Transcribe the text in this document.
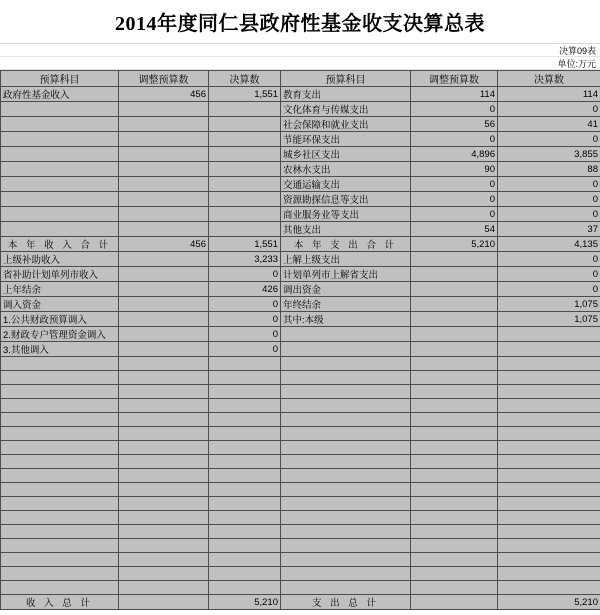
2014年度同仁县政府性基金收支决算总表
决算09表
单位:万元
预算科目	调整预算数	决算数	预算科目	调整预算数	决算数
政府性基金收入	456	1,551	教育支出	114	114
			文化体育与传媒支出	0	0
			社会保障和就业支出	56	41
			节能环保支出	0	0
			城乡社区支出	4,896	3,855
			农林水支出	90	88
			交通运输支出	0	0
			资源勘探信息等支出	0	0
			商业服务业等支出	0	0
			其他支出	54	37
本 年 收 入 合 计	456	1,551	本 年 支 出 合 计	5,210	4,135
上级补助收入		3,233	上解上级支出		0
省补助计划单列市收入		0	计划单列市上解省支出		0
上年结余		426	调出资金		0
调入资金		0	年终结余		1,075
1.公共财政预算调入		0	其中:本级		1,075
2.财政专户管理资金调入		0			
3.其他调入		0			

收 入 总 计		5,210	支 出 总 计		5,210
